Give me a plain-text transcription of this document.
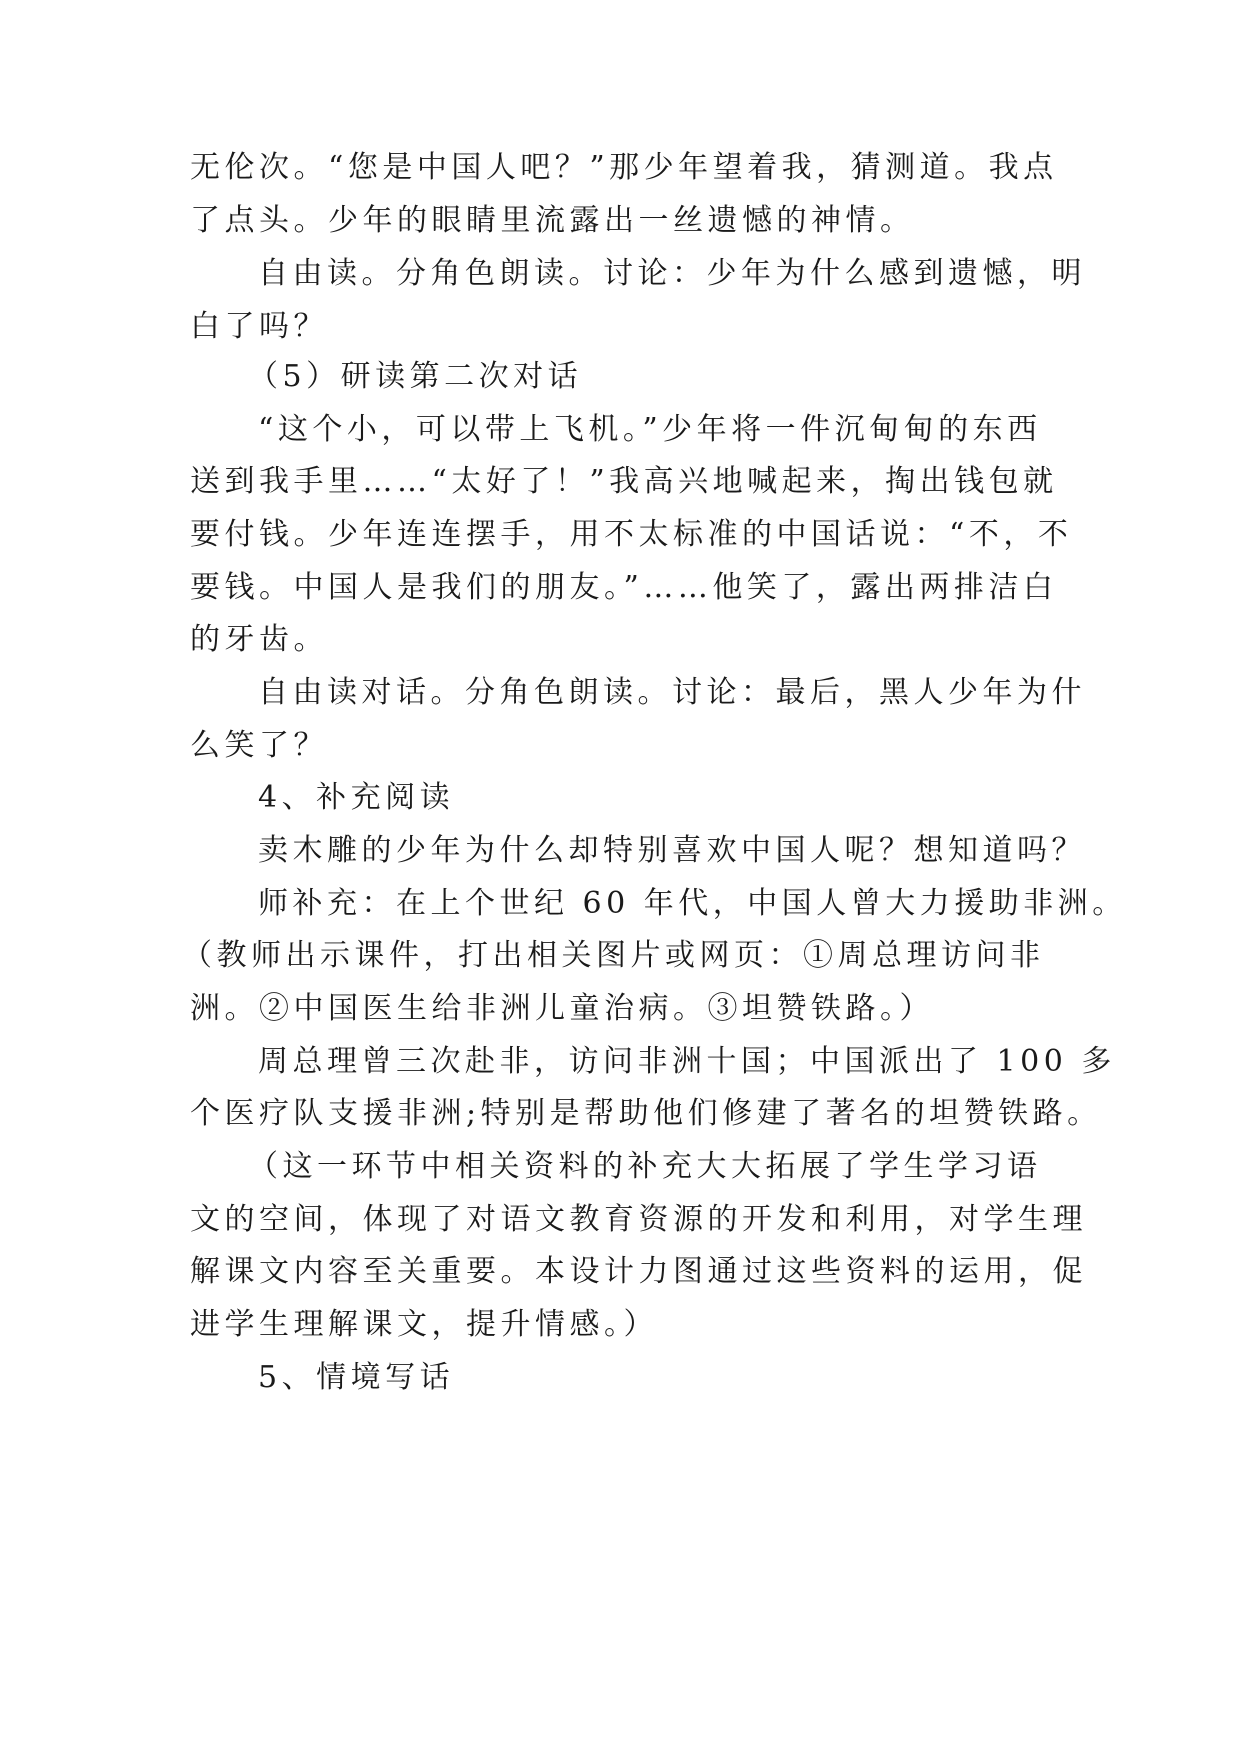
无伦次。“您是中国人吧？”那少年望着我，猜测道。我点
了点头。少年的眼睛里流露出一丝遗憾的神情。
自由读。分角色朗读。讨论：少年为什么感到遗憾，明
白了吗？
（5）研读第二次对话
“这个小，可以带上飞机。”少年将一件沉甸甸的东西
送到我手里……“太好了！”我高兴地喊起来，掏出钱包就
要付钱。少年连连摆手，用不太标准的中国话说：“不，不
要钱。中国人是我们的朋友。”……他笑了，露出两排洁白
的牙齿。
自由读对话。分角色朗读。讨论：最后，黑人少年为什
么笑了？
4、补充阅读
卖木雕的少年为什么却特别喜欢中国人呢？想知道吗？
师补充：在上个世纪 60 年代，中国人曾大力援助非洲。
（教师出示课件，打出相关图片或网页：①周总理访问非
洲。②中国医生给非洲儿童治病。③坦赞铁路。）
周总理曾三次赴非，访问非洲十国；中国派出了 100 多
个医疗队支援非洲;特别是帮助他们修建了著名的坦赞铁路。
（这一环节中相关资料的补充大大拓展了学生学习语
文的空间，体现了对语文教育资源的开发和利用，对学生理
解课文内容至关重要。本设计力图通过这些资料的运用，促
进学生理解课文，提升情感。）
5、情境写话
